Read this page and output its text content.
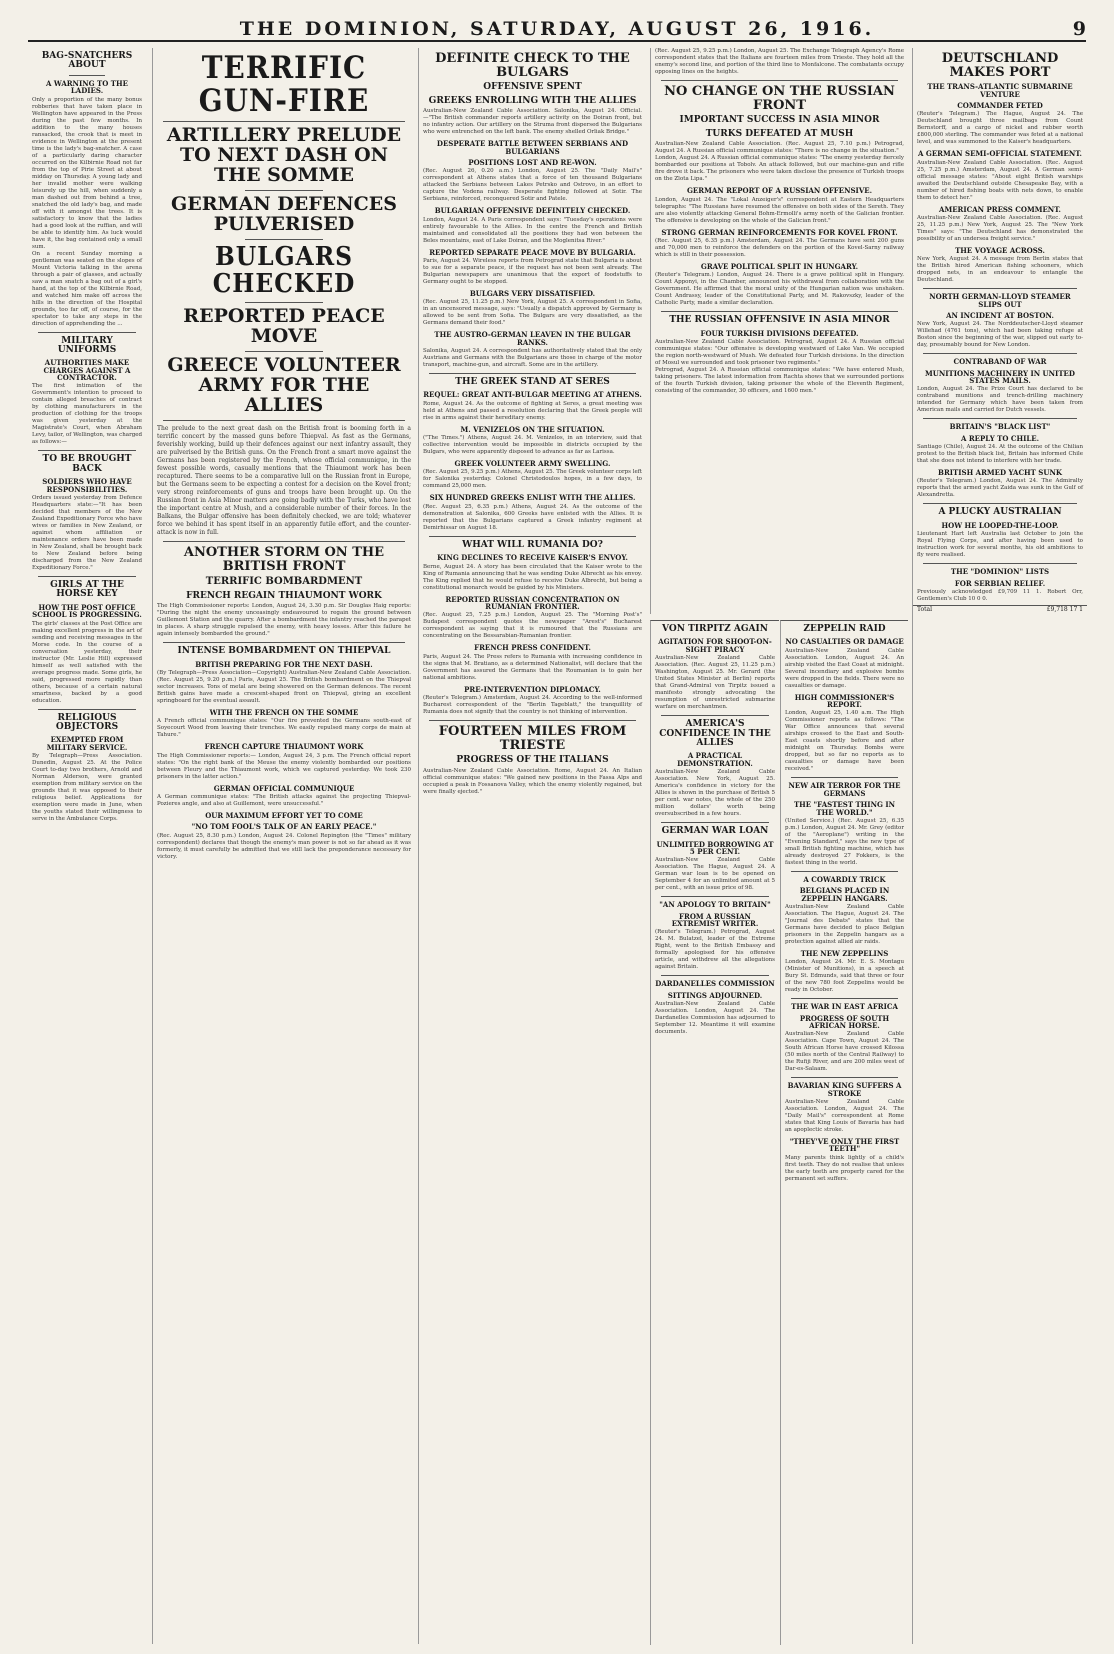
THE DOMINION, SATURDAY, AUGUST 26, 1916.	9
BAG-SNATCHERS ABOUT
A WARNING TO THE LADIES.
Only a proportion of the many bonus robberies that have taken place in Wellington have appeared in the Press during the past few months. In addition to the many houses ransacked, the crook that is meet in evidence in Wellington at the present time is the lady's bag-snatcher. A case of a particularly daring character occurred on the Kilbirnie Road not far from the top of Pirie Street at about midday on Thursday. A young lady and her invalid mother were walking leisurely up the hill, when suddenly a man dashed out from behind a tree, snatched the old lady's bag, and made off with it amongst the trees. It is satisfactory to know that the ladies had a good look at the ruffian, and will be able to identify him. As luck would have it, the bag contained only a small sum.
On a recent Sunday morning a gentleman was seated on the slopes of Mount Victoria talking in the arena through a pair of glasses, and actually saw a man snatch a bag out of a girl's hand, at the top of the Kilbirnie Road, and watched him make off across the hills in the direction of the Hospital grounds, too far off, of course, for the spectator to take any steps in the direction of apprehending the ...
MILITARY UNIFORMS
AUTHORITIES MAKE CHARGES AGAINST A CONTRACTOR.
The first intimation of the Government's intention to proceed to contain alleged breaches of contract by clothing manufacturers in the production of clothing for the troops was given yesterday at the Magistrate's Court, when Abraham Levy, tailor, of Wellington, was charged as follows:—
TO BE BROUGHT BACK
SOLDIERS WHO HAVE RESPONSIBILITIES.
Orders issued yesterday from Defence Headquarters state:—"It has been decided that members of the New Zealand Expeditionary Force who have wives or families in New Zealand, or against whom affiliation or maintenance orders have been made in New Zealand, shall be brought back to New Zealand before being discharged from the New Zealand Expeditionary Force."
GIRLS AT THE HORSE KEY
HOW THE POST OFFICE SCHOOL IS PROGRESSING.
The girls' classes at the Post Office are making excellent progress in the art of sending and receiving messages in the Morse code. In the course of a conversation yesterday, their instructor (Mr. Leslie Hill) expressed himself as well satisfied with the average progress made. Some girls, he said, progressed more rapidly than others, because of a certain natural smartness, backed by a good education.
RELIGIOUS OBJECTORS
EXEMPTED FROM MILITARY SERVICE.
By Telegraph—Press Association. Dunedin, August 25. At the Police Court to-day two brothers, Arnold and Norman Alderson, were granted exemption from military service on the grounds that it was opposed to their religious belief. Applications for exemption were made in June, when the youths stated their willingness to serve in the Ambulance Corps.
TERRIFIC GUN-FIRE
ARTILLERY PRELUDE TO NEXT DASH ON THE SOMME
GERMAN DEFENCES PULVERISED
BULGARS CHECKED
REPORTED PEACE MOVE
GREECE VOLUNTEER ARMY FOR THE ALLIES
The prelude to the next great dash on the British front is booming forth in a terrific concert by the massed guns before Thiepval. As fast as the Germans, feverishly working, build up their defences against our next infantry assault, they are pulverised by the British guns. On the French front a smart move against the Germans has been registered by the French, whose official communique, in the fewest possible words, casually mentions that the Thiaumont work has been recaptured. There seems to be a comparative lull on the Russian front in Europe, but the Germans seem to be expecting a contest for a decision on the Kovel front; very strong reinforcements of guns and troops have been brought up. On the Russian front in Asia Minor matters are going badly with the Turks, who have lost the important centre at Mush, and a considerable number of their forces. In the Balkans, the Bulgar offensive has been definitely checked, we are told; whatever force we behind it has spent itself in an apparently futile effort, and the counter-attack is now in full.
ANOTHER STORM ON THE BRITISH FRONT
TERRIFIC BOMBARDMENT
FRENCH REGAIN THIAUMONT WORK
The High Commissioner reports: London, August 24, 3.30 p.m. Sir Douglas Haig reports: "During the night the enemy unceasingly endeavoured to regain the ground between Guillemont Station and the quarry. After a bombardment the infantry reached the parapet in places. A sharp struggle repulsed the enemy, with heavy losses. After this failure he again intensely bombarded the ground."
INTENSE BOMBARDMENT ON THIEPVAL
BRITISH PREPARING FOR THE NEXT DASH.
(By Telegraph—Press Association—Copyright) Australian-New Zealand Cable Association. (Rec. August 25, 9.20 p.m.) Paris, August 25. The British bombardment on the Thiepval sector increases. Tons of metal are being showered on the German defences. The recent British gains have made a crescent-shaped front on Thiepval, giving an excellent springboard for the eventual assault.
WITH THE FRENCH ON THE SOMME
A French official communique states: "Our fire prevented the Germans south-east of Soyecourt Wood from leaving their trenches. We easily repulsed many corps de main at Tahure."
FRENCH CAPTURE THIAUMONT WORK
The High Commissioner reports:— London, August 24, 3 p.m. The French official report states: "On the right bank of the Meuse the enemy violently bombarded our positions between Fleury and the Thiaumont work, which we captured yesterday. We took 230 prisoners in the latter action."
GERMAN OFFICIAL COMMUNIQUE
A German communique states: "The British attacks against the projecting Thiepval-Pozieres angle, and also at Guillemont, were unsuccessful."
OUR MAXIMUM EFFORT YET TO COME
"NO TOM FOOL'S TALK OF AN EARLY PEACE."
(Rec. August 25, 8.30 p.m.) London, August 24. Colonel Repington (the "Times" military correspondent) declares that though the enemy's man power is not so far ahead as it was formerly, it must carefully be admitted that we still lack the preponderance necessary for victory.
DEFINITE CHECK TO THE BULGARS
OFFENSIVE SPENT
GREEKS ENROLLING WITH THE ALLIES
Australian-New Zealand Cable Association. Salonika, August 24. Official.—"The British commander reports artillery activity on the Doiran front, but no infantry action. Our artillery on the Struma front dispersed the Bulgarians who were entrenched on the left bank. The enemy shelled Orliak Bridge."
DESPERATE BATTLE BETWEEN SERBIANS AND BULGARIANS
POSITIONS LOST AND RE-WON.
(Rec. August 26, 0.20 a.m.) London, August 25. The "Daily Mail's" correspondent at Athens states that a force of ten thousand Bulgarians attacked the Serbians between Lakes Petrsko and Ostrovo, in an effort to capture the Vodena railway. Desperate fighting followed at Sotir. The Serbians, reinforced, reconquered Sotir and Patele.
BULGARIAN OFFENSIVE DEFINITELY CHECKED.
London, August 24. A Paris correspondent says: "Tuesday's operations were entirely favourable to the Allies. In the centre the French and British maintained and consolidated all the positions they had won between the Beles mountains, east of Lake Doiran, and the Moglenitsa River."
REPORTED SEPARATE PEACE MOVE BY BULGARIA.
Paris, August 24. Wireless reports from Petrograd state that Bulgaria is about to sue for a separate peace, if the request has not been sent already. The Bulgarian newspapers are unanimous that the export of foodstuffs to Germany ought to be stopped.
BULGARS VERY DISSATISFIED.
(Rec. August 25, 11.25 p.m.) New York, August 25. A correspondent in Sofia, in an uncensored message, says: "Usually a dispatch approved by Germany is allowed to be sent from Sofia. The Bulgars are very dissatisfied, as the Germans demand their food."
THE AUSTRO-GERMAN LEAVEN IN THE BULGAR RANKS.
Salonika, August 24. A correspondent has authoritatively stated that the only Austrians and Germans with the Bulgarians are those in charge of the motor transport, machine-gun, and aircraft. Some are in the artillery.
THE GREEK STAND AT SERES
REQUEL: GREAT ANTI-BULGAR MEETING AT ATHENS.
Rome, August 24. As the outcome of fighting at Seres, a great meeting was held at Athens and passed a resolution declaring that the Greek people will rise in arms against their hereditary enemy.
M. VENIZELOS ON THE SITUATION.
("The Times.") Athens, August 24. M. Venizelos, in an interview, said that collective intervention would be impossible in districts occupied by the Bulgars, who were apparently disposed to advance as far as Larissa.
GREEK VOLUNTEER ARMY SWELLING.
(Rec. August 25, 9.25 p.m.) Athens, August 25. The Greek volunteer corps left for Salonika yesterday. Colonel Christodoulos hopes, in a few days, to command 25,000 men.
SIX HUNDRED GREEKS ENLIST WITH THE ALLIES.
(Rec. August 25, 6.35 p.m.) Athens, August 24. As the outcome of the demonstration at Salonika, 600 Greeks have enlisted with the Allies. It is reported that the Bulgarians captured a Greek infantry regiment at Demirhissar on August 18.
WHAT WILL RUMANIA DO?
KING DECLINES TO RECEIVE KAISER'S ENVOY.
Berne, August 24. A story has been circulated that the Kaiser wrote to the King of Rumania announcing that he was sending Duke Albrecht as his envoy. The King replied that he would refuse to receive Duke Albrecht, but being a constitutional monarch would be guided by his Ministers.
REPORTED RUSSIAN CONCENTRATION ON RUMANIAN FRONTIER.
(Rec. August 25, 7.25 p.m.) London, August 25. The "Morning Post's" Budapest correspondent quotes the newspaper "Arest's" Bucharest correspondent as saying that it is rumoured that the Russians are concentrating on the Bessarabian-Rumanian frontier.
FRENCH PRESS CONFIDENT.
Paris, August 24. The Press refers to Rumania with increasing confidence in the signs that M. Bratiano, as a determined Nationalist, will declare that the Government has assured the Germans that the Roumanian is to gain her national ambitions.
PRE-INTERVENTION DIPLOMACY.
(Reuter's Telegram.) Amsterdam, August 24. According to the well-informed Bucharest correspondent of the "Berlin Tageblatt," the tranquillity of Rumania does not signify that the country is not thinking of intervention.
FOURTEEN MILES FROM TRIESTE
PROGRESS OF THE ITALIANS
Australian-New Zealand Cable Association. Rome, August 24. An Italian official communique states: "We gained new positions in the Fassa Alps and occupied a peak in Fossanova Valley, which the enemy violently regained, but were finally ejected."
(Rec. August 25, 9.25 p.m.) London, August 25. The Exchange Telegraph Agency's Rome correspondent states that the Italians are fourteen miles from Trieste. They hold all the enemy's second line, and portion of the third line to Monfalcone. The combatants occupy opposing lines on the heights.
NO CHANGE ON THE RUSSIAN FRONT
IMPORTANT SUCCESS IN ASIA MINOR
TURKS DEFEATED AT MUSH
Australian-New Zealand Cable Association. (Rec. August 25, 7.10 p.m.) Petrograd, August 24. A Russian official communique states: "There is no change in the situation."
London, August 24. A Russian official communique states: "The enemy yesterday fiercely bombarded our positions at Tobolv. An attack followed, but our machine-gun and rifle fire drove it back. The prisoners who were taken disclose the presence of Turkish troops on the Zlota Lipa."
GERMAN REPORT OF A RUSSIAN OFFENSIVE.
London, August 24. The "Lokal Anzeiger's" correspondent at Eastern Headquarters telegraphs: "The Russians have resumed the offensive on both sides of the Sereth. They are also violently attacking General Bohm-Ermolli's army north of the Galician frontier. The offensive is developing on the whole of the Galician front."
STRONG GERMAN REINFORCEMENTS FOR KOVEL FRONT.
(Rec. August 25, 6.35 p.m.) Amsterdam, August 24. The Germans have sent 200 guns and 70,000 men to reinforce the defenders on the portion of the Kovel-Sarny railway which is still in their possession.
GRAVE POLITICAL SPLIT IN HUNGARY.
(Reuter's Telegram.) London, August 24. There is a grave political split in Hungary. Count Apponyi, in the Chamber, announced his withdrawal from collaboration with the Government. He affirmed that the moral unity of the Hungarian nation was unshaken. Count Andrassy, leader of the Constitutional Party, and M. Rakovszky, leader of the Catholic Party, made a similar declaration.
THE RUSSIAN OFFENSIVE IN ASIA MINOR
FOUR TURKISH DIVISIONS DEFEATED.
Australian-New Zealand Cable Association. Petrograd, August 24. A Russian official communique states: "Our offensive is developing westward of Lake Van. We occupied the region north-westward of Mush. We defeated four Turkish divisions. In the direction of Mosul we surrounded and took prisoner two regiments."
Petrograd, August 24. A Russian official communique states: "We have entered Mush, taking prisoners. The latest information from Rachta shows that we surrounded portions of the fourth Turkish division, taking prisoner the whole of the Eleventh Regiment, consisting of the commander, 30 officers, and 1600 men."
VON TIRPITZ AGAIN
AGITATION FOR SHOOT-ON-SIGHT PIRACY
Australian-New Zealand Cable Association. (Rec. August 25, 11.25 p.m.) Washington, August 25. Mr. Gerard (the United States Minister at Berlin) reports that Grand-Admiral von Tirpitz issued a manifesto strongly advocating the resumption of unrestricted submarine warfare on merchantmen.
AMERICA'S CONFIDENCE IN THE ALLIES
A PRACTICAL DEMONSTRATION.
Australian-New Zealand Cable Association. New York, August 25. America's confidence in victory for the Allies is shown in the purchase of British 5 per cent. war notes, the whole of the 250 million dollars' worth being oversubscribed in a few hours.
GERMAN WAR LOAN
UNLIMITED BORROWING AT 5 PER CENT.
Australian-New Zealand Cable Association. The Hague, August 24. A German war loan is to be opened on September 4 for an unlimited amount at 5 per cent., with an issue price of 98.
"AN APOLOGY TO BRITAIN"
FROM A RUSSIAN EXTREMIST WRITER.
(Reuter's Telegram.) Petrograd, August 24. M. Bulatzel, leader of the Extreme Right, went to the British Embassy and formally apologised for his offensive article, and withdrew all the allegations against Britain.
DARDANELLES COMMISSION
SITTINGS ADJOURNED.
Australian-New Zealand Cable Association. London, August 24. The Dardanelles Commission has adjourned to September 12. Meantime it will examine documents.
ZEPPELIN RAID
NO CASUALTIES OR DAMAGE
Australian-New Zealand Cable Association. London, August 24. An airship visited the East Coast at midnight. Several incendiary and explosive bombs were dropped in the fields. There were no casualties or damage.
HIGH COMMISSIONER'S REPORT.
London, August 25, 1.40 a.m. The High Commissioner reports as follows: "The War Office announces that several airships crossed to the East and South-East coasts shortly before and after midnight on Thursday. Bombs were dropped, but so far no reports as to casualties or damage have been received."
NEW AIR TERROR FOR THE GERMANS
THE "FASTEST THING IN THE WORLD."
(United Service.) (Rec. August 25, 6.35 p.m.) London, August 24. Mr. Grey (editor of the "Aeroplane") writing in the "Evening Standard," says the new type of small British fighting machine, which has already destroyed 27 Fokkers, is the fastest thing in the world.
A COWARDLY TRICK
BELGIANS PLACED IN ZEPPELIN HANGARS.
Australian-New Zealand Cable Association. The Hague, August 24. The "Journal des Debats" states that the Germans have decided to place Belgian prisoners in the Zeppelin hangars as a protection against allied air raids.
THE NEW ZEPPELINS
London, August 24. Mr. E. S. Montagu (Minister of Munitions), in a speech at Bury St. Edmunds, said that three or four of the new 780 foot Zeppelins would be ready in October.
THE WAR IN EAST AFRICA
PROGRESS OF SOUTH AFRICAN HORSE.
Australian-New Zealand Cable Association. Cape Town, August 24. The South African Horse have crossed Kilossa (50 miles north of the Central Railway) to the Rufiji River, and are 200 miles west of Dar-es-Salaam.
BAVARIAN KING SUFFERS A STROKE
Australian-New Zealand Cable Association. London, August 24. The "Daily Mail's" correspondent at Rome states that King Louis of Bavaria has had an apoplectic stroke.
"THEY'VE ONLY THE FIRST TEETH"
Many parents think lightly of a child's first teeth. They do not realise that unless the early teeth are properly cared for the permanent set suffers.
DEUTSCHLAND MAKES PORT
THE TRANS-ATLANTIC SUBMARINE VENTURE
COMMANDER FETED
(Reuter's Telegram.) The Hague, August 24. The Deutschland brought three mailbags from Count Bernstorff, and a cargo of nickel and rubber worth £800,000 sterling. The commander was feted at a national level, and was summoned to the Kaiser's headquarters.
A GERMAN SEMI-OFFICIAL STATEMENT.
Australian-New Zealand Cable Association. (Rec. August 25, 7.25 p.m.) Amsterdam, August 24. A German semi-official message states: "About eight British warships awaited the Deutschland outside Chesapeake Bay, with a number of hired fishing boats with nets down, to enable them to detect her."
AMERICAN PRESS COMMENT.
Australian-New Zealand Cable Association. (Rec. August 25, 11.25 p.m.) New York, August 25. The "New York Times" says: "The Deutschland has demonstrated the possibility of an undersea freight service."
THE VOYAGE ACROSS.
New York, August 24. A message from Berlin states that the British hired American fishing schooners, which dropped nets, in an endeavour to entangle the Deutschland.
NORTH GERMAN-LLOYD STEAMER SLIPS OUT
AN INCIDENT AT BOSTON.
New York, August 24. The Norddeutscher-Lloyd steamer Willehad (4761 tons), which had been taking refuge at Boston since the beginning of the war, slipped out early to-day, presumably bound for New London.
CONTRABAND OF WAR
MUNITIONS MACHINERY IN UNITED STATES MAILS.
London, August 24. The Prize Court has declared to be contraband munitions and trench-drilling machinery intended for Germany which have been taken from American mails and carried for Dutch vessels.
BRITAIN'S "BLACK LIST"
A REPLY TO CHILE.
Santiago (Chile), August 24. At the outcome of the Chilian protest to the British black list, Britain has informed Chile that she does not intend to interfere with her trade.
BRITISH ARMED YACHT SUNK
(Reuter's Telegram.) London, August 24. The Admiralty reports that the armed yacht Zaida was sunk in the Gulf of Alexandretta.
A PLUCKY AUSTRALIAN
HOW HE LOOPED-THE-LOOP.
Lieutenant Hart left Australia last October to join the Royal Flying Corps, and after having been used to instruction work for several months, his old ambitions to fly were realised.
THE "DOMINION" LISTS
FOR SERBIAN RELIEF.
Previously acknowledged £9,709 11 1. Robert Orr, Gentlemen's Club 10 0 0.
Total	£9,718 17 1
